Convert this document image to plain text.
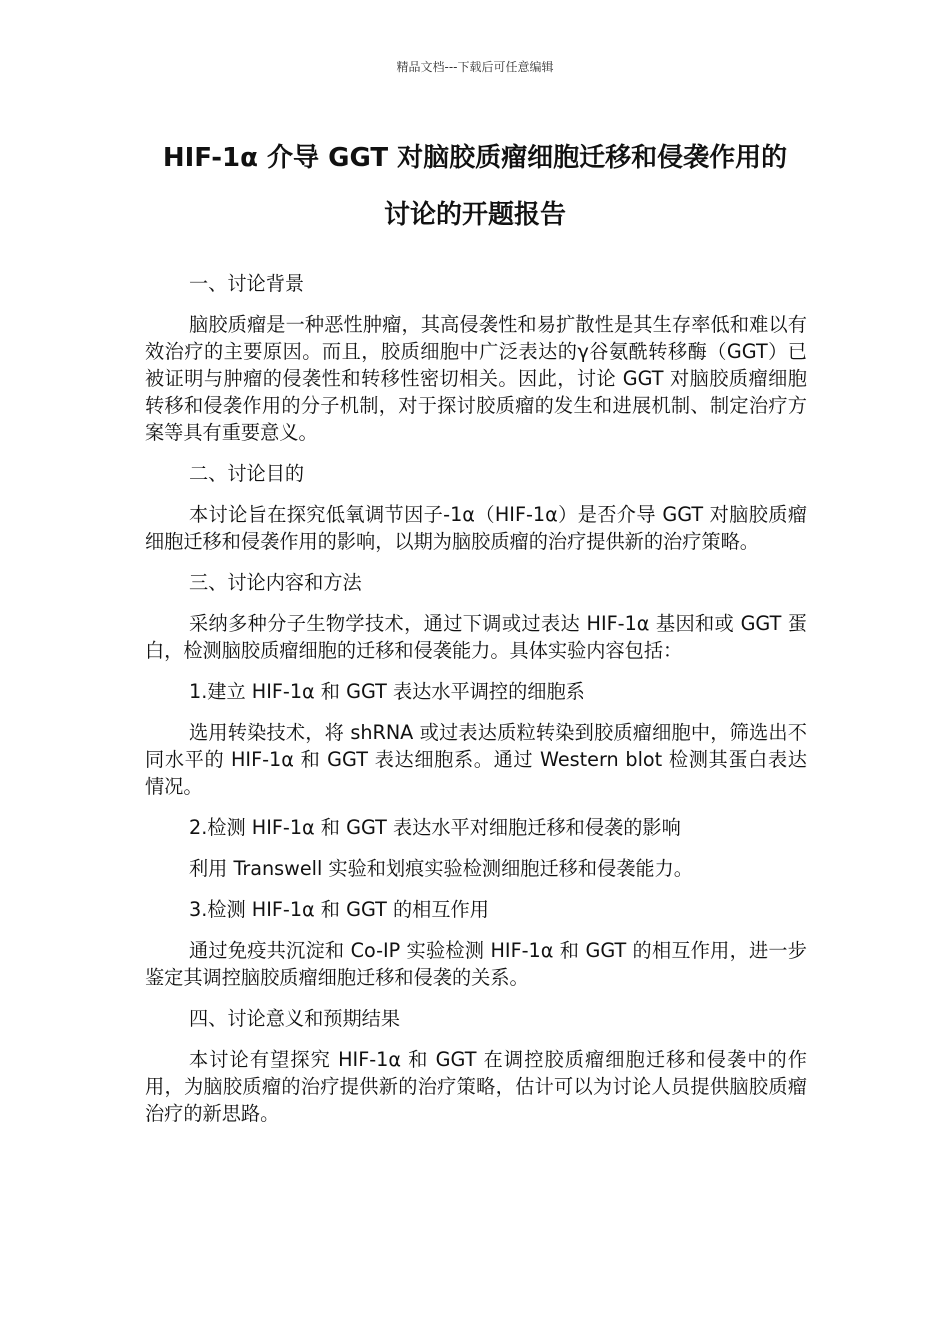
精品文档---下载后可任意编辑
HIF-1α 介导 GGT 对脑胶质瘤细胞迁移和侵袭作用的
讨论的开题报告

一、讨论背景

脑胶质瘤是一种恶性肿瘤，其高侵袭性和易扩散性是其生存率低和难以有效治疗的主要原因。而且，胶质细胞中广泛表达的γ谷氨酰转移酶（GGT）已被证明与肿瘤的侵袭性和转移性密切相关。因此，讨论 GGT 对脑胶质瘤细胞转移和侵袭作用的分子机制，对于探讨胶质瘤的发生和进展机制、制定治疗方案等具有重要意义。

二、讨论目的

本讨论旨在探究低氧调节因子-1α（HIF-1α）是否介导 GGT 对脑胶质瘤细胞迁移和侵袭作用的影响，以期为脑胶质瘤的治疗提供新的治疗策略。

三、讨论内容和方法

采纳多种分子生物学技术，通过下调或过表达 HIF-1α 基因和或 GGT 蛋白，检测脑胶质瘤细胞的迁移和侵袭能力。具体实验内容包括：

1.建立 HIF-1α 和 GGT 表达水平调控的细胞系

选用转染技术，将 shRNA 或过表达质粒转染到胶质瘤细胞中，筛选出不同水平的 HIF-1α 和 GGT 表达细胞系。通过 Western blot 检测其蛋白表达情况。

2.检测 HIF-1α 和 GGT 表达水平对细胞迁移和侵袭的影响

利用 Transwell 实验和划痕实验检测细胞迁移和侵袭能力。

3.检测 HIF-1α 和 GGT 的相互作用

通过免疫共沉淀和 Co-IP 实验检测 HIF-1α 和 GGT 的相互作用，进一步鉴定其调控脑胶质瘤细胞迁移和侵袭的关系。

四、讨论意义和预期结果

本讨论有望探究 HIF-1α 和 GGT 在调控胶质瘤细胞迁移和侵袭中的作用，为脑胶质瘤的治疗提供新的治疗策略，估计可以为讨论人员提供脑胶质瘤治疗的新思路。
